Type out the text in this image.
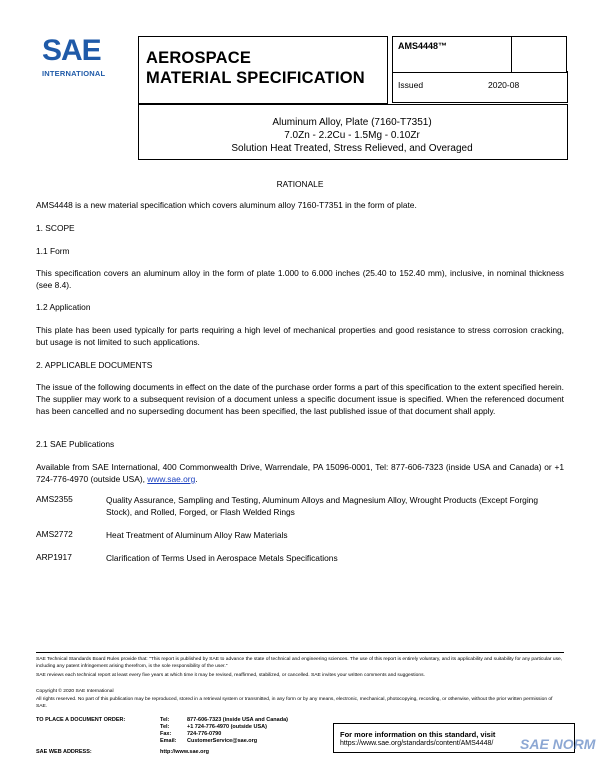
SAE
INTERNATIONAL
AEROSPACE
MATERIAL SPECIFICATION
AMS4448™
Issued	2020-08
Aluminum Alloy, Plate (7160-T7351)
7.0Zn - 2.2Cu - 1.5Mg - 0.10Zr
Solution Heat Treated, Stress Relieved, and Overaged
RATIONALE
AMS4448 is a new material specification which covers aluminum alloy 7160-T7351 in the form of plate.
1. SCOPE
1.1 Form
This specification covers an aluminum alloy in the form of plate 1.000 to 6.000 inches (25.40 to 152.40 mm), inclusive, in nominal thickness (see 8.4).
1.2 Application
This plate has been used typically for parts requiring a high level of mechanical properties and good resistance to stress corrosion cracking, but usage is not limited to such applications.
2. APPLICABLE DOCUMENTS
The issue of the following documents in effect on the date of the purchase order forms a part of this specification to the extent specified herein. The supplier may work to a subsequent revision of a document unless a specific document issue is specified. When the referenced document has been cancelled and no superseding document has been specified, the last published issue of that document shall apply.
2.1 SAE Publications
Available from SAE International, 400 Commonwealth Drive, Warrendale, PA 15096-0001, Tel: 877-606-7323 (inside USA and Canada) or +1 724-776-4970 (outside USA), www.sae.org.
AMS2355	Quality Assurance, Sampling and Testing, Aluminum Alloys and Magnesium Alloy, Wrought Products (Except Forging Stock), and Rolled, Forged, or Flash Welded Rings
AMS2772	Heat Treatment of Aluminum Alloy Raw Materials
ARP1917	Clarification of Terms Used in Aerospace Metals Specifications
SAE Technical Standards Board Rules provide that: "This report is published by SAE to advance the state of technical and engineering sciences. The use of this report is entirely voluntary, and its applicability and suitability for any particular use, including any patent infringement arising therefrom, is the sole responsibility of the user."
SAE reviews each technical report at least every five years at which time it may be revised, reaffirmed, stabilized, or cancelled. SAE invites your written comments and suggestions.
Copyright © 2020 SAE International
All rights reserved. No part of this publication may be reproduced, stored in a retrieval system or transmitted, in any form or by any means, electronic, mechanical, photocopying, recording, or otherwise, without the prior written permission of SAE.
TO PLACE A DOCUMENT ORDER:	Tel:	877-606-7323 (inside USA and Canada)
Tel:	+1 724-776-4970 (outside USA)
Fax:	724-776-0790
Email: CustomerService@sae.org
SAE WEB ADDRESS:	http://www.sae.org
For more information on this standard, visit
https://www.sae.org/standards/content/AMS4448/ SAE NORM
